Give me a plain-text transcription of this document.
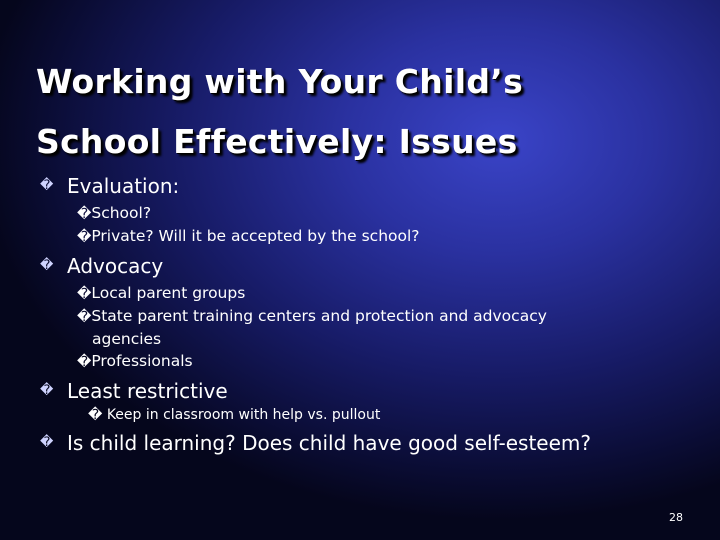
Working with Your Child’s
School Effectively: Issues
� Evaluation:
�School?
�Private? Will it be accepted by the school?
� Advocacy
�Local parent groups
�State parent training centers and protection and advocacy
agencies
�Professionals
� Least restrictive
� Keep in classroom with help vs. pullout
� Is child learning? Does child have good self-esteem?
28
